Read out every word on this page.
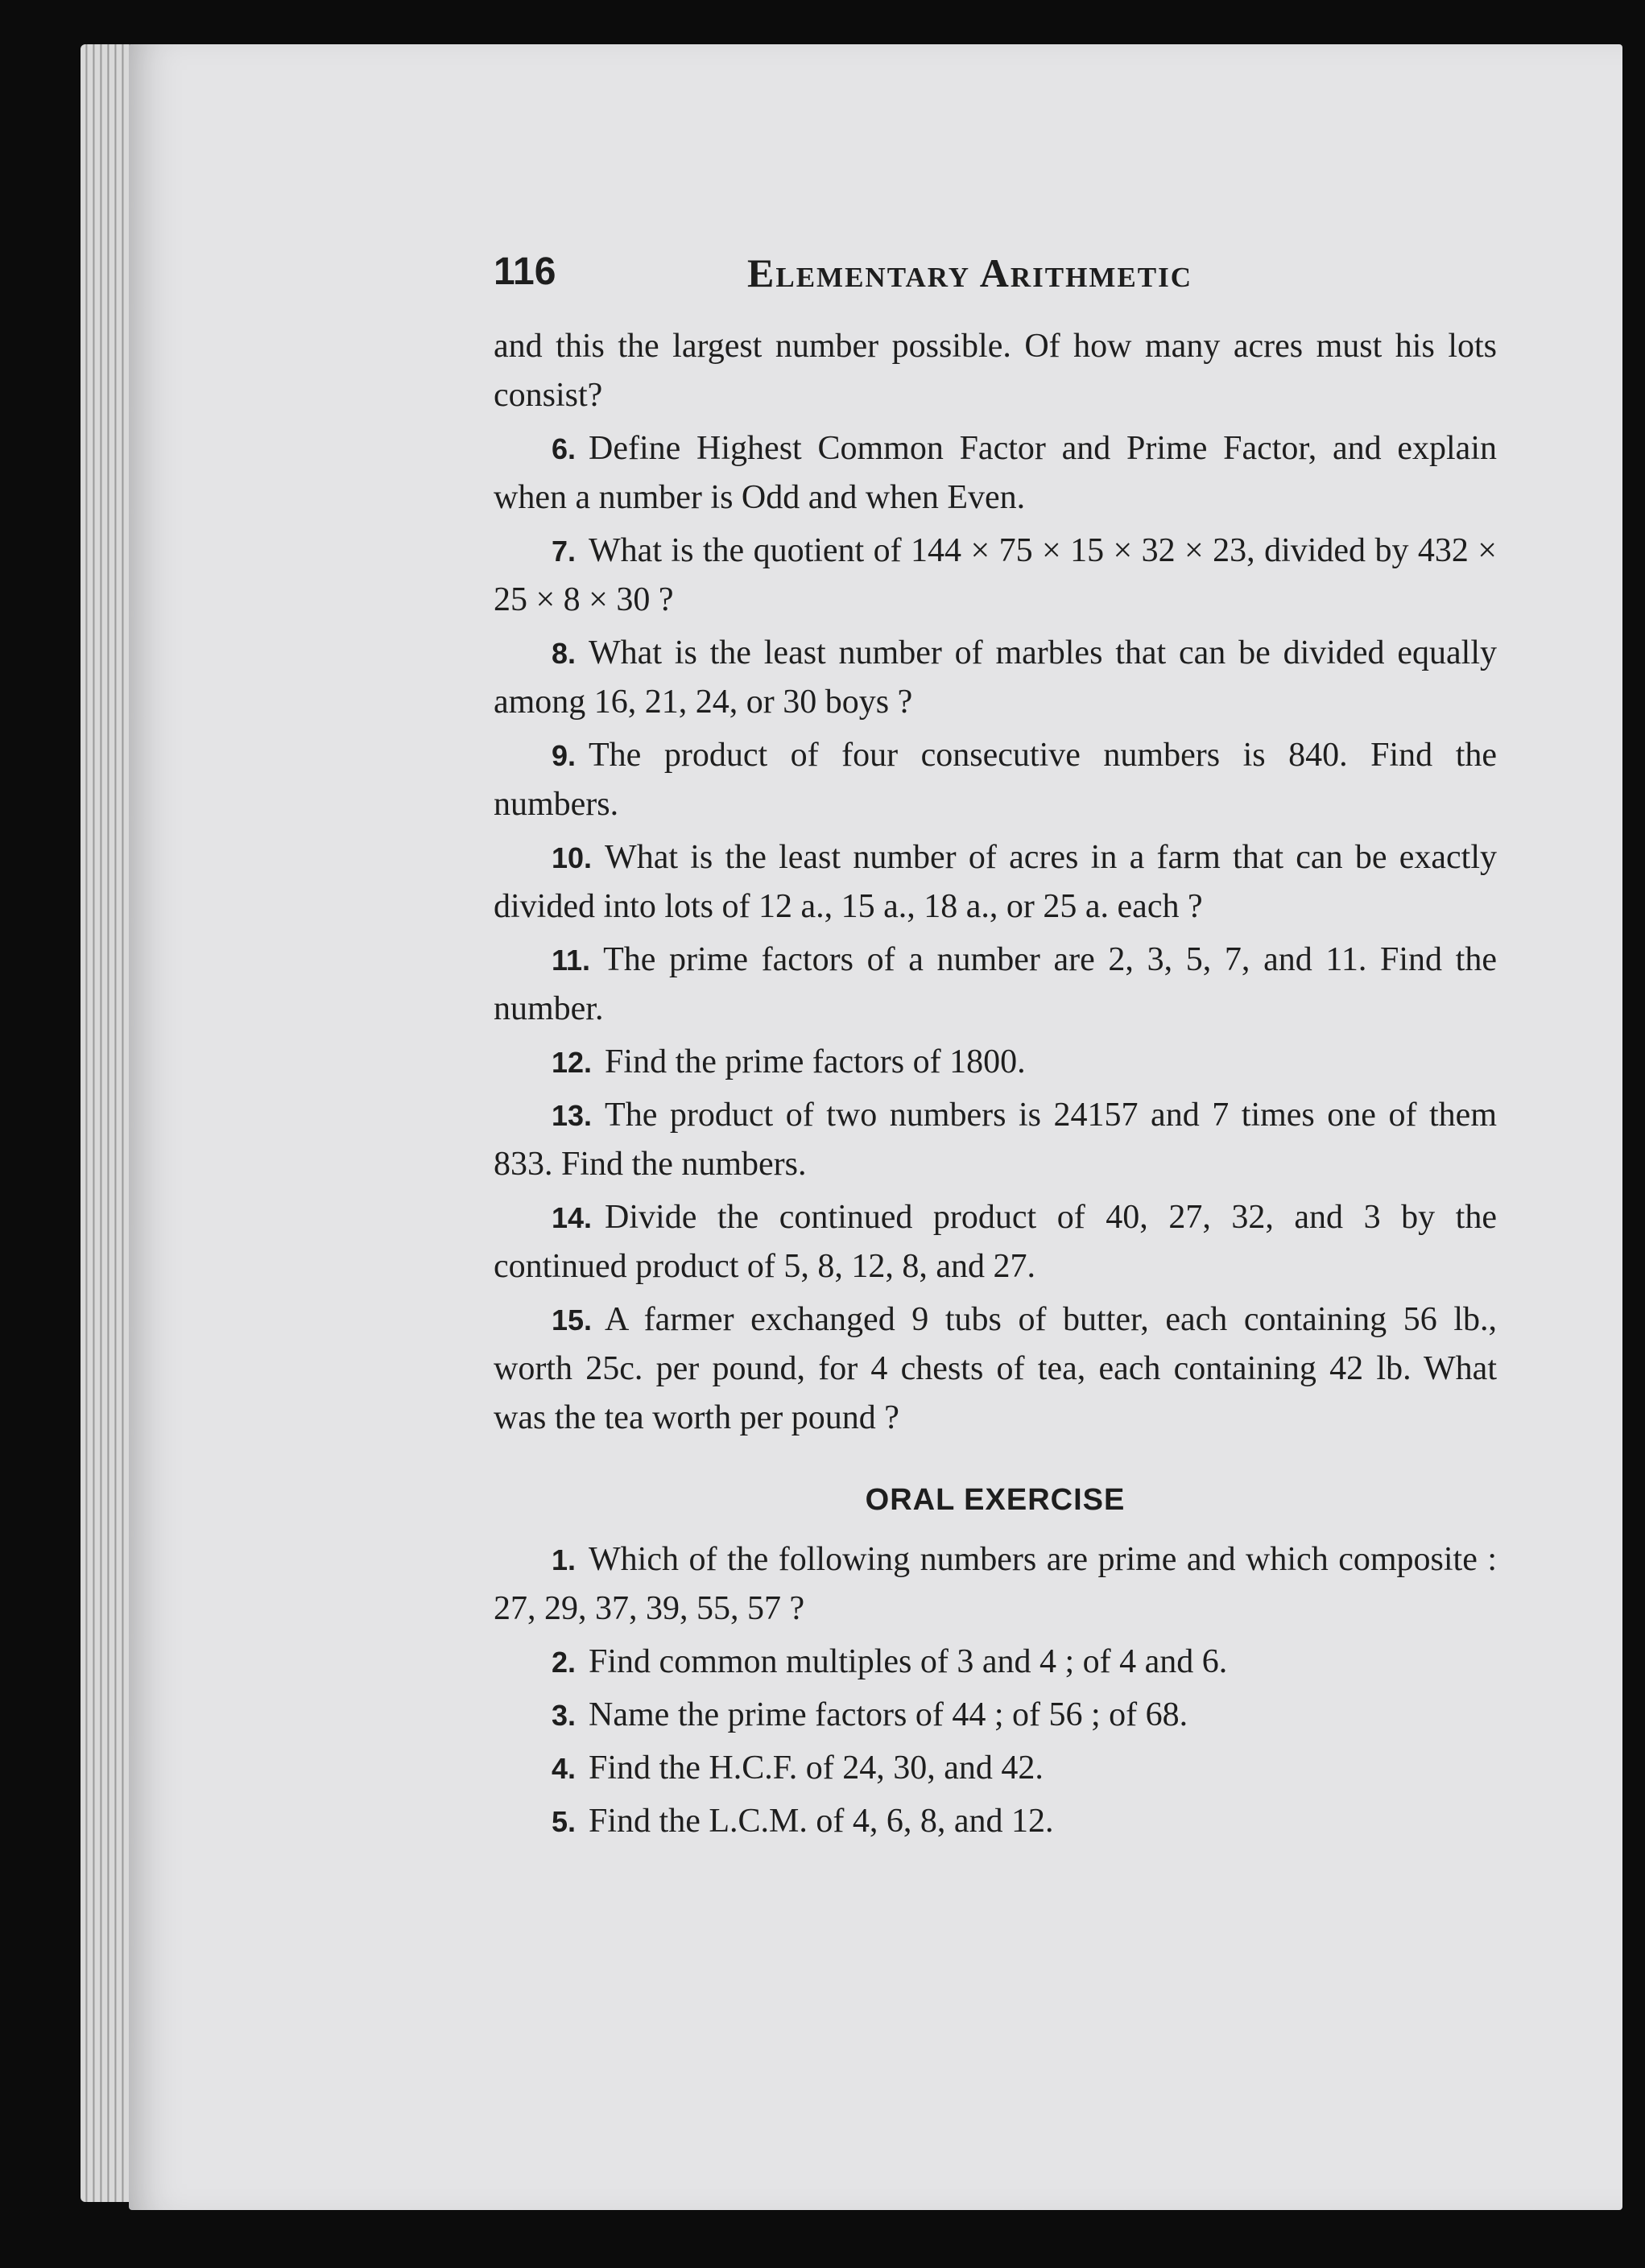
116	Elementary Arithmetic

and this the largest number possible. Of how many acres must his lots consist?

6. Define Highest Common Factor and Prime Factor, and explain when a number is Odd and when Even.

7. What is the quotient of 144 × 75 × 15 × 32 × 23, divided by 432 × 25 × 8 × 30 ?

8. What is the least number of marbles that can be divided equally among 16, 21, 24, or 30 boys ?

9. The product of four consecutive numbers is 840. Find the numbers.

10. What is the least number of acres in a farm that can be exactly divided into lots of 12 a., 15 a., 18 a., or 25 a. each ?

11. The prime factors of a number are 2, 3, 5, 7, and 11. Find the number.

12. Find the prime factors of 1800.

13. The product of two numbers is 24157 and 7 times one of them 833. Find the numbers.

14. Divide the continued product of 40, 27, 32, and 3 by the continued product of 5, 8, 12, 8, and 27.

15. A farmer exchanged 9 tubs of butter, each containing 56 lb., worth 25c. per pound, for 4 chests of tea, each containing 42 lb. What was the tea worth per pound ?

ORAL EXERCISE

1. Which of the following numbers are prime and which composite : 27, 29, 37, 39, 55, 57 ?

2. Find common multiples of 3 and 4 ; of 4 and 6.

3. Name the prime factors of 44 ; of 56 ; of 68.

4. Find the H.C.F. of 24, 30, and 42.

5. Find the L.C.M. of 4, 6, 8, and 12.
